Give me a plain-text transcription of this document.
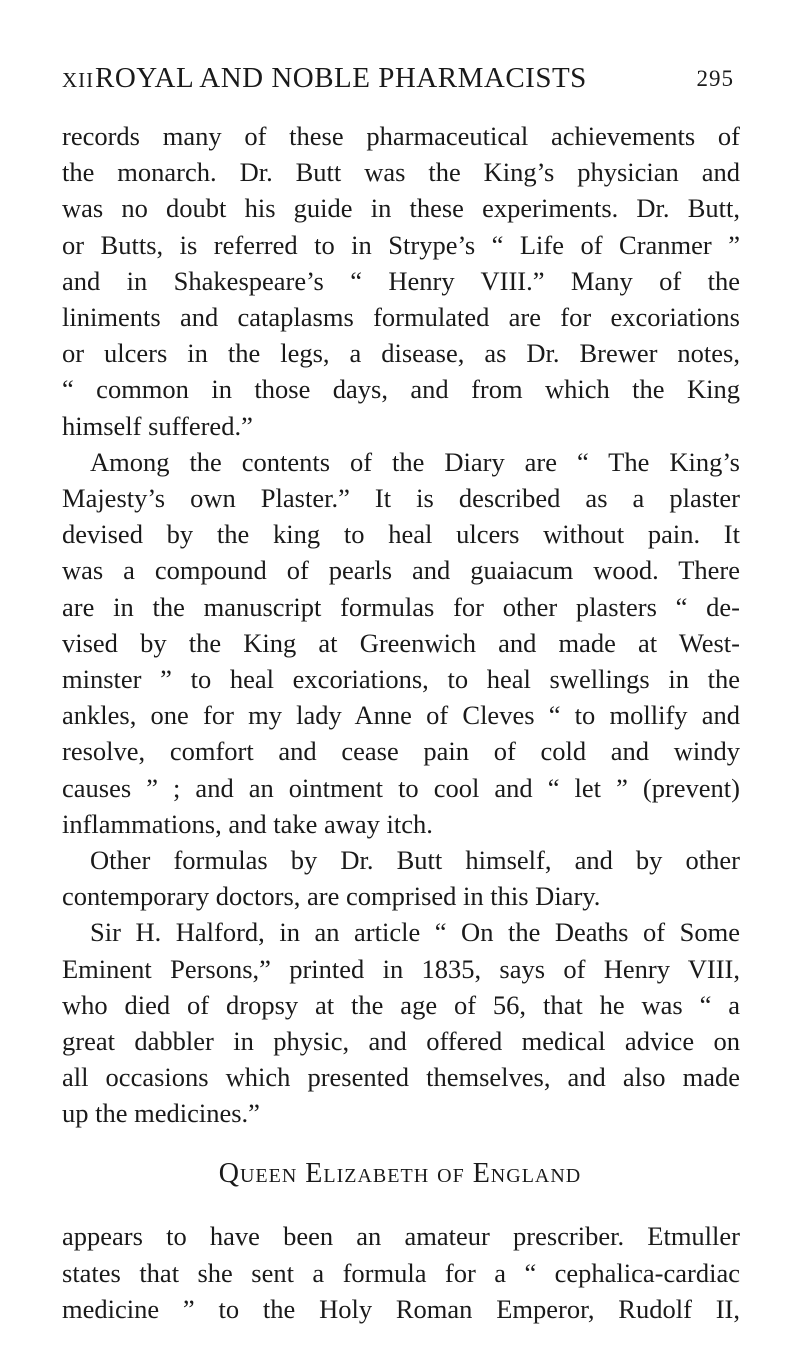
XII ROYAL AND NOBLE PHARMACISTS	295
records many of these pharmaceutical achievements of
the monarch. Dr. Butt was the King’s physician and
was no doubt his guide in these experiments. Dr. Butt,
or Butts, is referred to in Strype’s “ Life of Cranmer ”
and in Shakespeare’s “ Henry VIII.” Many of the
liniments and cataplasms formulated are for excoriations
or ulcers in the legs, a disease, as Dr. Brewer notes,
“ common in those days, and from which the King
himself suffered.”
Among the contents of the Diary are “ The King’s
Majesty’s own Plaster.” It is described as a plaster
devised by the king to heal ulcers without pain. It
was a compound of pearls and guaiacum wood. There
are in the manuscript formulas for other plasters “ de-
vised by the King at Greenwich and made at West-
minster ” to heal excoriations, to heal swellings in the
ankles, one for my lady Anne of Cleves “ to mollify and
resolve, comfort and cease pain of cold and windy
causes ” ; and an ointment to cool and “ let ” (prevent)
inflammations, and take away itch.
Other formulas by Dr. Butt himself, and by other
contemporary doctors, are comprised in this Diary.
Sir H. Halford, in an article “ On the Deaths of Some
Eminent Persons,” printed in 1835, says of Henry VIII,
who died of dropsy at the age of 56, that he was “ a
great dabbler in physic, and offered medical advice on
all occasions which presented themselves, and also made
up the medicines.”
Queen Elizabeth of England
appears to have been an amateur prescriber. Etmuller
states that she sent a formula for a “ cephalica-cardiac
medicine ” to the Holy Roman Emperor, Rudolf II,
